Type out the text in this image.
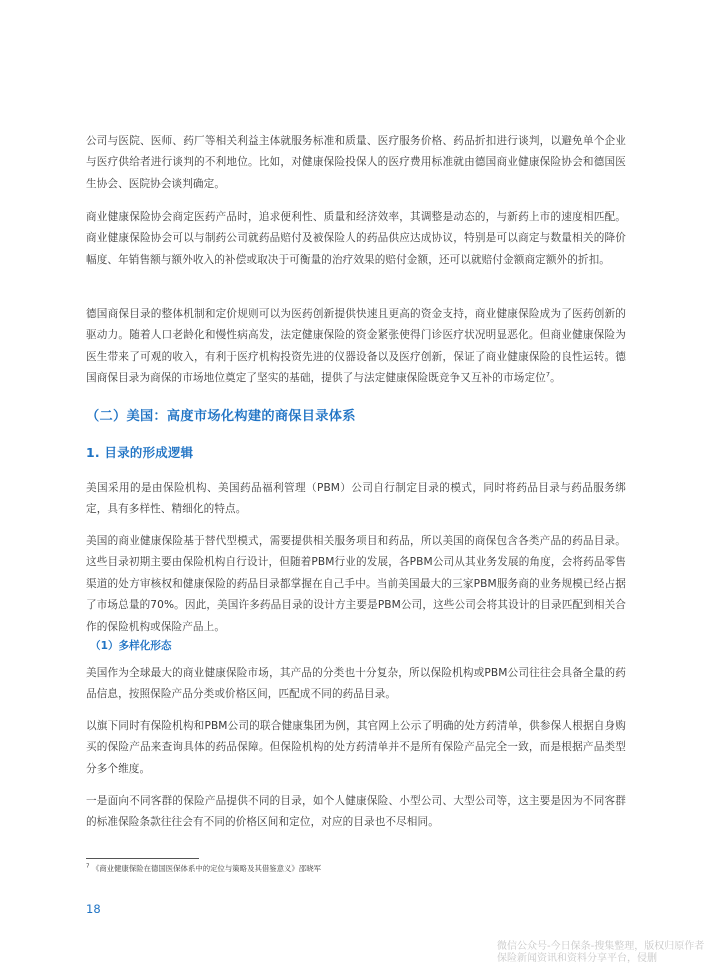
公司与医院、医师、药厂等相关利益主体就服务标准和质量、医疗服务价格、药品折扣进行谈判，以避免单个企业与医疗供给者进行谈判的不利地位。比如，对健康保险投保人的医疗费用标准就由德国商业健康保险协会和德国医生协会、医院协会谈判确定。

商业健康保险协会商定医药产品时，追求便利性、质量和经济效率，其调整是动态的，与新药上市的速度相匹配。商业健康保险协会可以与制药公司就药品赔付及被保险人的药品供应达成协议，特别是可以商定与数量相关的降价幅度、年销售额与额外收入的补偿或取决于可衡量的治疗效果的赔付金额，还可以就赔付金额商定额外的折扣。

德国商保目录的整体机制和定价规则可以为医药创新提供快速且更高的资金支持，商业健康保险成为了医药创新的驱动力。随着人口老龄化和慢性病高发，法定健康保险的资金紧张使得门诊医疗状况明显恶化。但商业健康保险为医生带来了可观的收入，有利于医疗机构投资先进的仪器设备以及医疗创新，保证了商业健康保险的良性运转。德国商保目录为商保的市场地位奠定了坚实的基础，提供了与法定健康保险既竞争又互补的市场定位$^7$。

（二）美国：高度市场化构建的商保目录体系
1. 目录的形成逻辑

美国采用的是由保险机构、美国药品福利管理（PBM）公司自行制定目录的模式，同时将药品目录与药品服务绑定，具有多样性、精细化的特点。

美国的商业健康保险基于替代型模式，需要提供相关服务项目和药品，所以美国的商保包含各类产品的药品目录。这些目录初期主要由保险机构自行设计，但随着PBM行业的发展，各PBM公司从其业务发展的角度，会将药品零售渠道的处方审核权和健康保险的药品目录都掌握在自己手中。当前美国最大的三家PBM服务商的业务规模已经占据了市场总量的70%。因此，美国许多药品目录的设计方主要是PBM公司，这些公司会将其设计的目录匹配到相关合作的保险机构或保险产品上。

（1）多样化形态

美国作为全球最大的商业健康保险市场，其产品的分类也十分复杂，所以保险机构或PBM公司往往会具备全量的药品信息，按照保险产品分类或价格区间，匹配成不同的药品目录。

以旗下同时有保险机构和PBM公司的联合健康集团为例，其官网上公示了明确的处方药清单，供参保人根据自身购买的保险产品来查询具体的药品保障。但保险机构的处方药清单并不是所有保险产品完全一致，而是根据产品类型分多个维度。

一是面向不同客群的保险产品提供不同的目录，如个人健康保险、小型公司、大型公司等，这主要是因为不同客群的标准保险条款往往会有不同的价格区间和定位，对应的目录也不尽相同。

$^7$ 《商业健康保险在德国医保体系中的定位与策略及其借鉴意义》邵晓军

18

微信公众号-今日保条-搜集整理，版权归原作者
保险新闻资讯和资料分享平台，侵删
